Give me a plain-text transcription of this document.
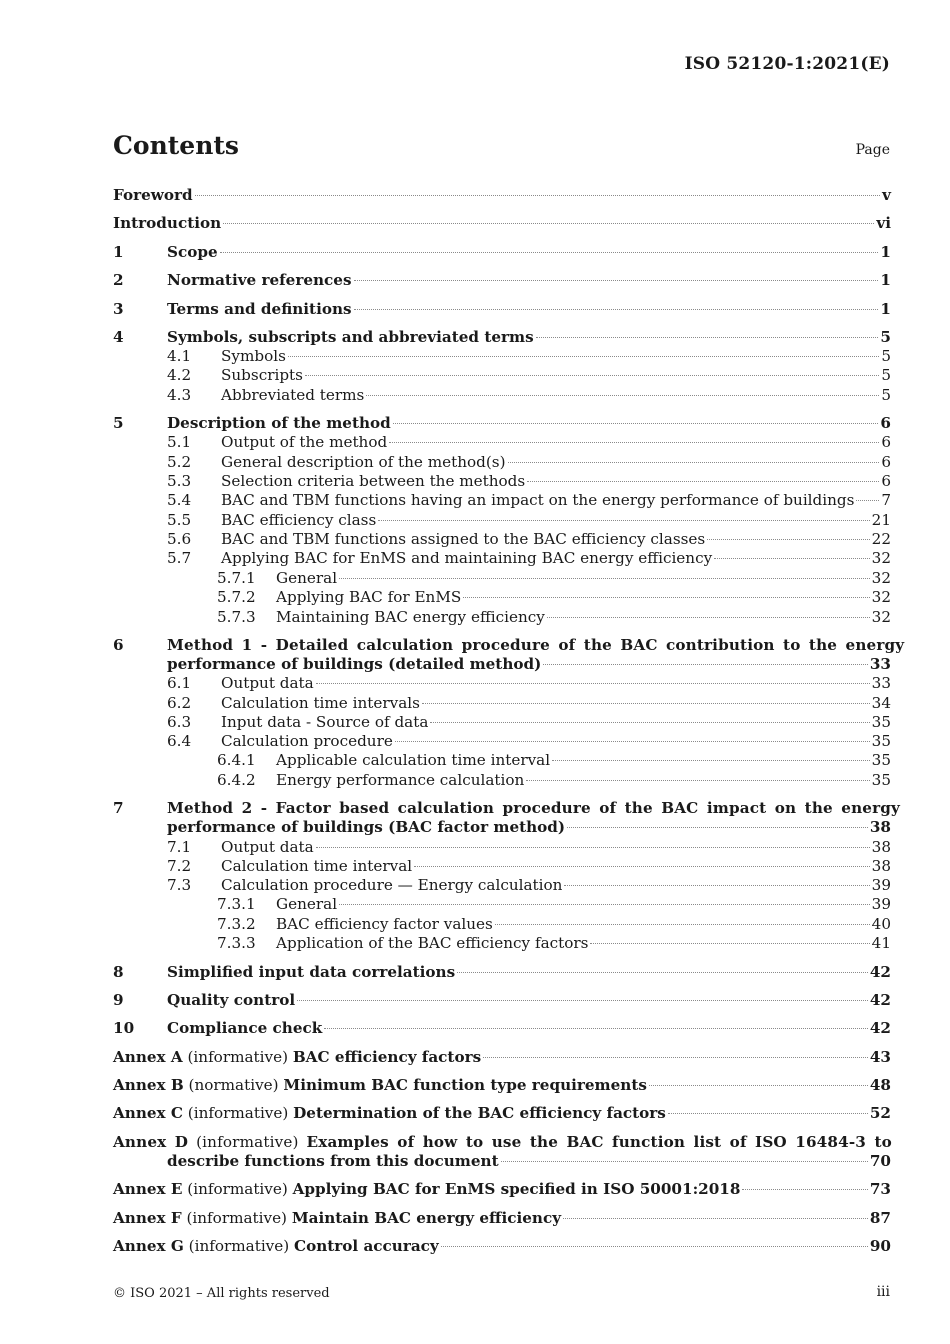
ISO 52120-1:2021(E)
Contents	Page
Foreword	v
Introduction	vi
1	Scope	1
2	Normative references	1
3	Terms and definitions	1
4	Symbols, subscripts and abbreviated terms	5
4.1	Symbols	5
4.2	Subscripts	5
4.3	Abbreviated terms	5
5	Description of the method	6
5.1	Output of the method	6
5.2	General description of the method(s)	6
5.3	Selection criteria between the methods	6
5.4	BAC and TBM functions having an impact on the energy performance of buildings 7
5.5	BAC efficiency class	21
5.6	BAC and TBM functions assigned to the BAC efficiency classes	22
5.7	Applying BAC for EnMS and maintaining BAC energy efficiency	32
5.7.1	General	32
5.7.2	Applying BAC for EnMS	32
5.7.3	Maintaining BAC energy efficiency	32
6	Method 1 - Detailed calculation procedure of the BAC contribution to the energy
performance of buildings (detailed method)	33
6.1	Output data	33
6.2	Calculation time intervals	34
6.3	Input data - Source of data	35
6.4	Calculation procedure	35
6.4.1	Applicable calculation time interval	35
6.4.2	Energy performance calculation	35
7	Method 2 - Factor based calculation procedure of the BAC impact on the energy
performance of buildings (BAC factor method)	38
7.1	Output data	38
7.2	Calculation time interval	38
7.3	Calculation procedure — Energy calculation	39
7.3.1	General	39
7.3.2	BAC efficiency factor values	40
7.3.3	Application of the BAC efficiency factors	41
8	Simplified input data correlations	42
9	Quality control	42
10	Compliance check	42
Annex A (informative) BAC efficiency factors	43
Annex B (normative) Minimum BAC function type requirements	48
Annex C (informative) Determination of the BAC efficiency factors	52
Annex D (informative) Examples of how to use the BAC function list of ISO 16484-3 to
describe functions from this document	70
Annex E (informative) Applying BAC for EnMS specified in ISO 50001:2018	73
Annex F (informative) Maintain BAC energy efficiency	87
Annex G (informative) Control accuracy	90
© ISO 2021 – All rights reserved	iii
